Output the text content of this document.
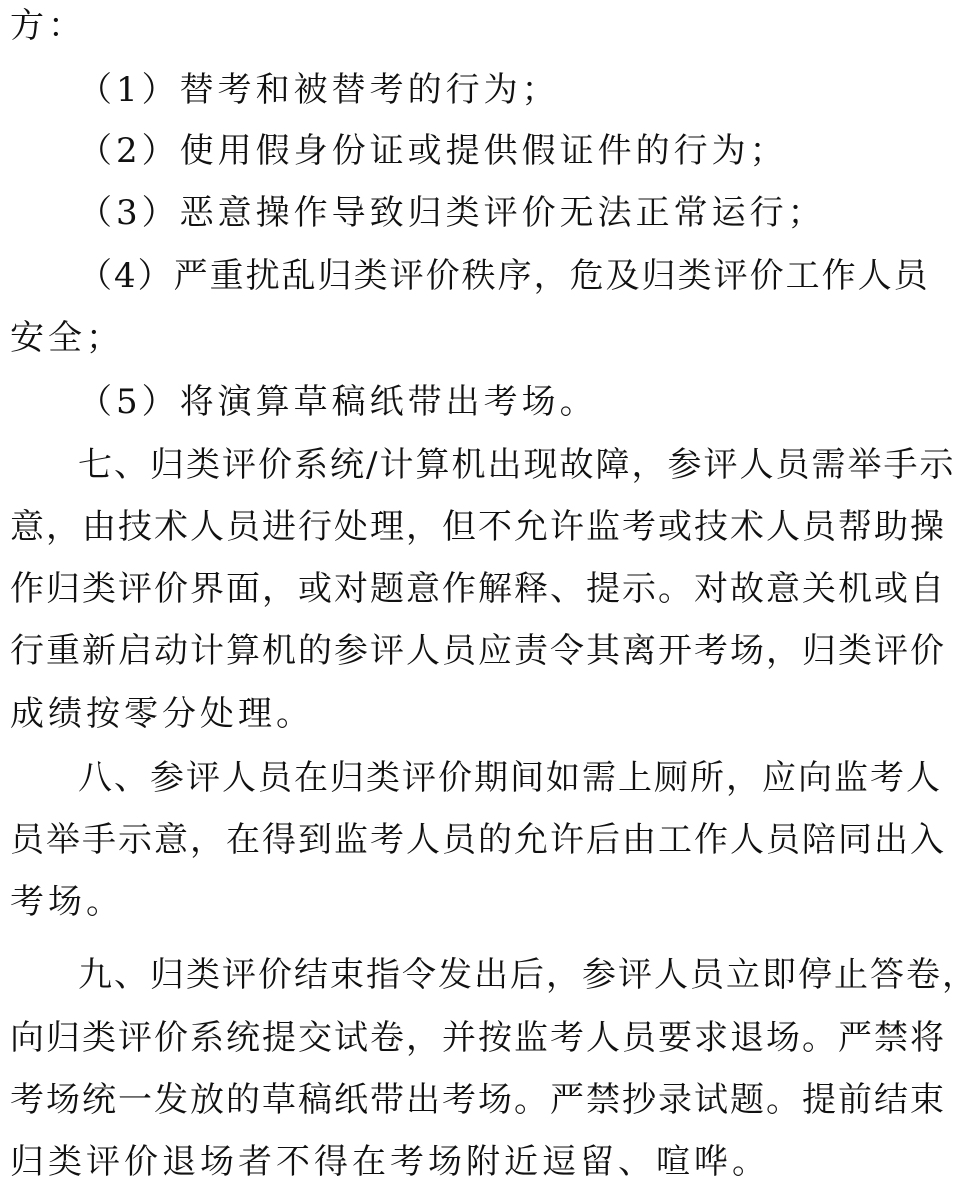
方：
（1）替考和被替考的行为；
（2）使用假身份证或提供假证件的行为；
（3）恶意操作导致归类评价无法正常运行；
（4）严重扰乱归类评价秩序，危及归类评价工作人员
安全；
（5）将演算草稿纸带出考场。
七、归类评价系统/计算机出现故障，参评人员需举手示
意，由技术人员进行处理，但不允许监考或技术人员帮助操
作归类评价界面，或对题意作解释、提示。对故意关机或自
行重新启动计算机的参评人员应责令其离开考场，归类评价
成绩按零分处理。
八、参评人员在归类评价期间如需上厕所，应向监考人
员举手示意，在得到监考人员的允许后由工作人员陪同出入
考场。
九、归类评价结束指令发出后，参评人员立即停止答卷，
向归类评价系统提交试卷，并按监考人员要求退场。严禁将
考场统一发放的草稿纸带出考场。严禁抄录试题。提前结束
归类评价退场者不得在考场附近逗留、喧哗。
